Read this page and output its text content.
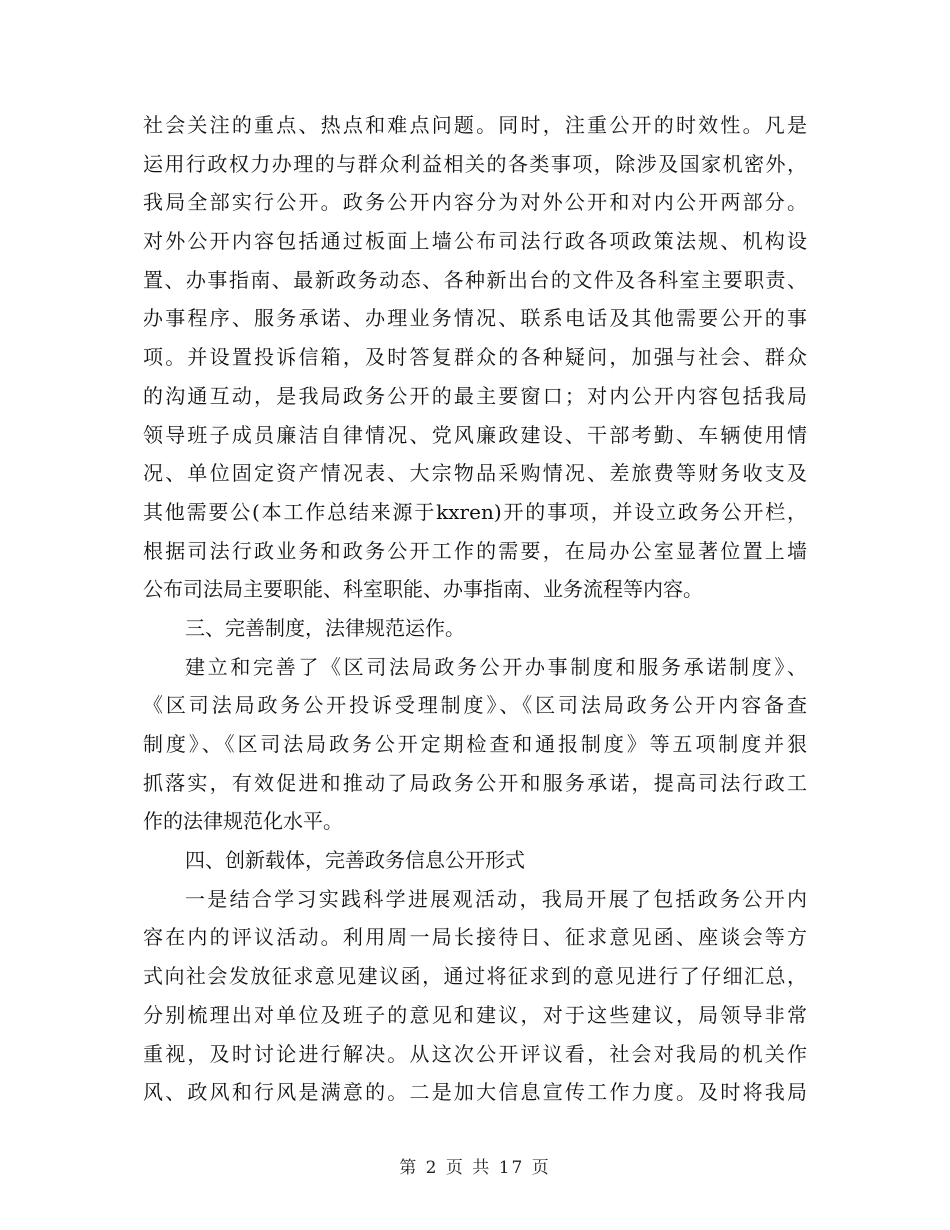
社会关注的重点、热点和难点问题。同时，注重公开的时效性。凡是
运用行政权力办理的与群众利益相关的各类事项，除涉及国家机密外，
我局全部实行公开。政务公开内容分为对外公开和对内公开两部分。
对外公开内容包括通过板面上墙公布司法行政各项政策法规、机构设
置、办事指南、最新政务动态、各种新出台的文件及各科室主要职责、
办事程序、服务承诺、办理业务情况、联系电话及其他需要公开的事
项。并设置投诉信箱，及时答复群众的各种疑问，加强与社会、群众
的沟通互动，是我局政务公开的最主要窗口；对内公开内容包括我局
领导班子成员廉洁自律情况、党风廉政建设、干部考勤、车辆使用情
况、单位固定资产情况表、大宗物品采购情况、差旅费等财务收支及
其他需要公(本工作总结来源于kxren)开的事项，并设立政务公开栏，
根据司法行政业务和政务公开工作的需要，在局办公室显著位置上墙
公布司法局主要职能、科室职能、办事指南、业务流程等内容。
三、完善制度，法律规范运作。
建立和完善了《区司法局政务公开办事制度和服务承诺制度》、
《区司法局政务公开投诉受理制度》、《区司法局政务公开内容备查
制度》、《区司法局政务公开定期检查和通报制度》等五项制度并狠
抓落实，有效促进和推动了局政务公开和服务承诺，提高司法行政工
作的法律规范化水平。
四、创新载体，完善政务信息公开形式
一是结合学习实践科学进展观活动，我局开展了包括政务公开内
容在内的评议活动。利用周一局长接待日、征求意见函、座谈会等方
式向社会发放征求意见建议函，通过将征求到的意见进行了仔细汇总，
分别梳理出对单位及班子的意见和建议，对于这些建议，局领导非常
重视，及时讨论进行解决。从这次公开评议看，社会对我局的机关作
风、政风和行风是满意的。二是加大信息宣传工作力度。及时将我局
第 2 页 共 17 页
